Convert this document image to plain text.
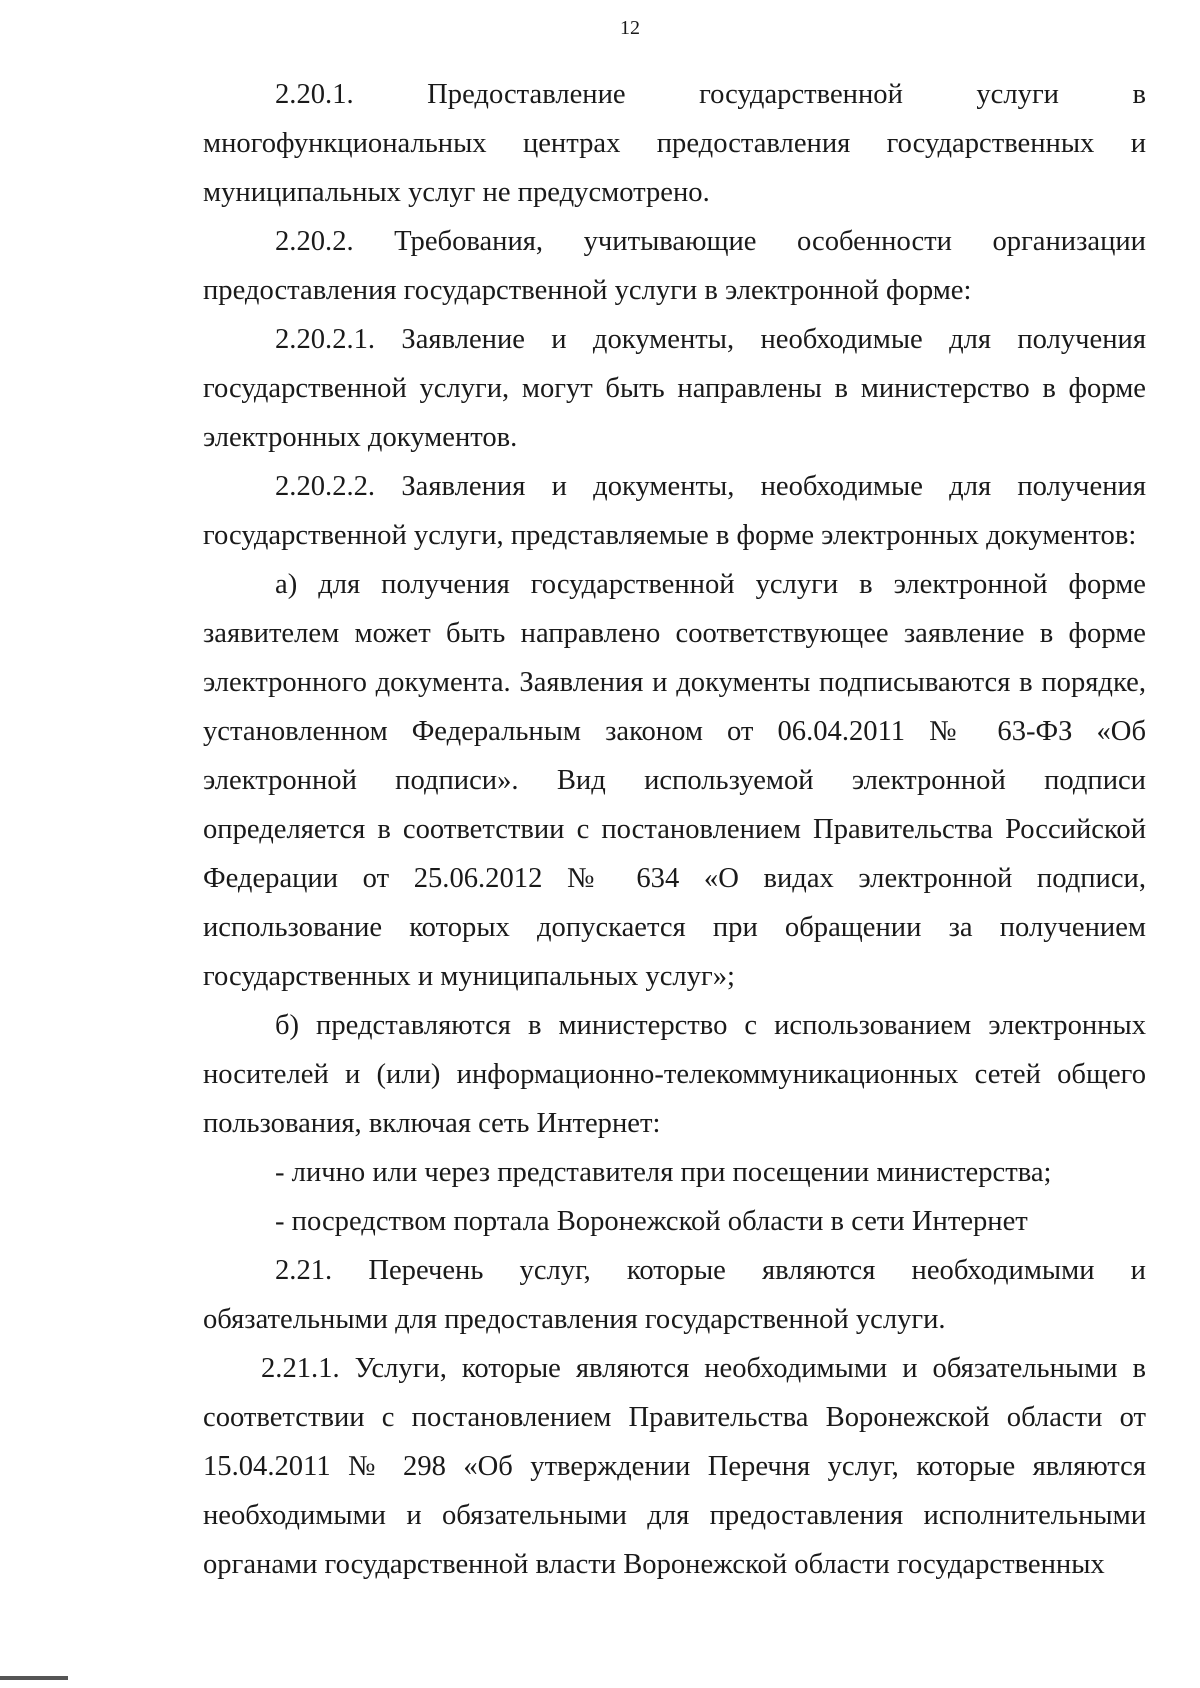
12

2.20.1. Предоставление государственной услуги в многофункциональных центрах предоставления государственных и муниципальных услуг не предусмотрено.

2.20.2. Требования, учитывающие особенности организации предоставления государственной услуги в электронной форме:

2.20.2.1. Заявление и документы, необходимые для получения государственной услуги, могут быть направлены в министерство в форме электронных документов.

2.20.2.2. Заявления и документы, необходимые для получения государственной услуги, представляемые в форме электронных документов:

а) для получения государственной услуги в электронной форме заявителем может быть направлено соответствующее заявление в форме электронного документа. Заявления и документы подписываются в порядке, установленном Федеральным законом от 06.04.2011 № 63-ФЗ «Об электронной подписи». Вид используемой электронной подписи определяется в соответствии с постановлением Правительства Российской Федерации от 25.06.2012 № 634 «О видах электронной подписи, использование которых допускается при обращении за получением государственных и муниципальных услуг»;

б) представляются в министерство с использованием электронных носителей и (или) информационно-телекоммуникационных сетей общего пользования, включая сеть Интернет:

- лично или через представителя при посещении министерства;

- посредством портала Воронежской области в сети Интернет

2.21. Перечень услуг, которые являются необходимыми и обязательными для предоставления государственной услуги.

2.21.1. Услуги, которые являются необходимыми и обязательными в соответствии с постановлением Правительства Воронежской области от 15.04.2011 № 298 «Об утверждении Перечня услуг, которые являются необходимыми и обязательными для предоставления исполнительными органами государственной власти Воронежской области государственных
